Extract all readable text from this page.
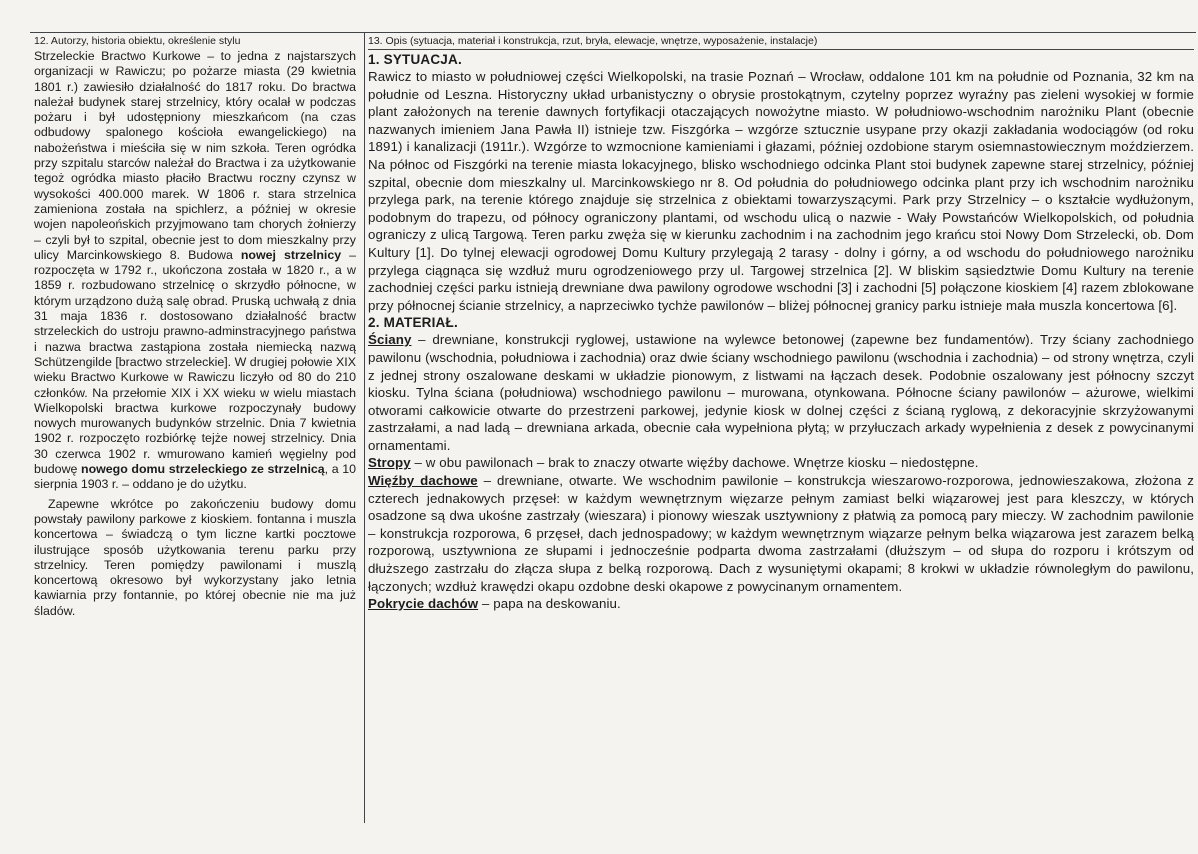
12. Autorzy, historia obiektu, określenie stylu

Strzeleckie Bractwo Kurkowe – to jedna z najstarszych organizacji w Rawiczu; po pożarze miasta (29 kwietnia 1801 r.) zawiesiło działalność do 1817 roku. Do bractwa należał budynek starej strzelnicy, który ocalał w podczas pożaru i był udostępniony mieszkańcom (na czas odbudowy spalonego kościoła ewangelickiego) na nabożeństwa i mieściła się w nim szkoła. Teren ogródka przy szpitalu starców należał do Bractwa i za użytkowanie tegoż ogródka miasto płaciło Bractwu roczny czynsz w wysokości 400.000 marek. W 1806 r. stara strzelnica zamieniona została na spichlerz, a później w okresie wojen napoleońskich przyjmowano tam chorych żołnierzy – czyli był to szpital, obecnie jest to dom mieszkalny przy ulicy Marcinkowskiego 8. Budowa nowej strzelnicy – rozpoczęta w 1792 r., ukończona została w 1820 r., a w 1859 r. rozbudowano strzelnicę o skrzydło północne, w którym urządzono dużą salę obrad. Pruską uchwałą z dnia 31 maja 1836 r. dostosowano działalność bractw strzeleckich do ustroju prawno-adminstracyjnego państwa i nazwa bractwa zastąpiona została niemiecką nazwą Schützengilde [bractwo strzeleckie]. W drugiej połowie XIX wieku Bractwo Kurkowe w Rawiczu liczyło od 80 do 210 członków. Na przełomie XIX i XX wieku w wielu miastach Wielkopolski bractwa kurkowe rozpoczynały budowy nowych murowanych budynków strzelnic. Dnia 7 kwietnia 1902 r. rozpoczęto rozbiórkę tejże nowej strzelnicy. Dnia 30 czerwca 1902 r. wmurowano kamień węgielny pod budowę nowego domu strzeleckiego ze strzelnicą, a 10 sierpnia 1903 r. – oddano je do użytku.

Zapewne wkrótce po zakończeniu budowy domu powstały pawilony parkowe z kioskiem. fontanna i muszla koncertowa – świadczą o tym liczne kartki pocztowe ilustrujące sposób użytkowania terenu parku przy strzelnicy. Teren pomiędzy pawilonami i muszlą koncertową okresowo był wykorzystany jako letnia kawiarnia przy fontannie, po której obecnie nie ma już śladów.

13. Opis (sytuacja, materiał i konstrukcja, rzut, bryła, elewacje, wnętrze, wyposażenie, instalacje)
1. SYTUACJA.

Rawicz to miasto w południowej części Wielkopolski, na trasie Poznań – Wrocław, oddalone 101 km na południe od Poznania, 32 km na południe od Leszna. Historyczny układ urbanistyczny o obrysie prostokątnym, czytelny poprzez wyraźny pas zieleni wysokiej w formie plant założonych na terenie dawnych fortyfikacji otaczających nowożytne miasto. W południowo-wschodnim narożniku Plant (obecnie nazwanych imieniem Jana Pawła II) istnieje tzw. Fiszgórka – wzgórze sztucznie usypane przy okazji zakładania wodociągów (od roku 1891) i kanalizacji (1911r.). Wzgórze to wzmocnione kamieniami i głazami, później ozdobione starym osiemnastowiecznym moździerzem. Na północ od Fiszgórki na terenie miasta lokacyjnego, blisko wschodniego odcinka Plant stoi budynek zapewne starej strzelnicy, później szpital, obecnie dom mieszkalny ul. Marcinkowskiego nr 8. Od południa do południowego odcinka plant przy ich wschodnim narożniku przylega park, na terenie którego znajduje się strzelnica z obiektami towarzyszącymi. Park przy Strzelnicy – o kształcie wydłużonym, podobnym do trapezu, od północy ograniczony plantami, od wschodu ulicą o nazwie - Wały Powstańców Wielkopolskich, od południa ograniczy z ulicą Targową. Teren parku zwęża się w kierunku zachodnim i na zachodnim jego krańcu stoi Nowy Dom Strzelecki, ob. Dom Kultury [1]. Do tylnej elewacji ogrodowej Domu Kultury przylegają 2 tarasy - dolny i górny, a od wschodu do południowego narożniku przylega ciągnąca się wzdłuż muru ogrodzeniowego przy ul. Targowej strzelnica [2]. W bliskim sąsiedztwie Domu Kultury na terenie zachodniej części parku istnieją drewniane dwa pawilony ogrodowe wschodni [3] i zachodni [5] połączone kioskiem [4] razem zblokowane przy północnej ścianie strzelnicy, a naprzeciwko tychże pawilonów – bliżej północnej granicy parku istnieje mała muszla koncertowa [6].

2. MATERIAŁ.

Ściany – drewniane, konstrukcji ryglowej, ustawione na wylewce betonowej (zapewne bez fundamentów). Trzy ściany zachodniego pawilonu (wschodnia, południowa i zachodnia) oraz dwie ściany wschodniego pawilonu (wschodnia i zachodnia) – od strony wnętrza, czyli z jednej strony oszalowane deskami w układzie pionowym, z listwami na łączach desek. Podobnie oszalowany jest północny szczyt kiosku. Tylna ściana (południowa) wschodniego pawilonu – murowana, otynkowana. Północne ściany pawilonów – ażurowe, wielkimi otworami całkowicie otwarte do przestrzeni parkowej, jedynie kiosk w dolnej części z ścianą ryglową, z dekoracyjnie skrzyżowanymi zastrzałami, a nad ladą – drewniana arkada, obecnie cała wypełniona płytą; w przyłuczach arkady wypełnienia z desek z powycinanymi ornamentami.

Stropy – w obu pawilonach – brak to znaczy otwarte więźby dachowe. Wnętrze kiosku – niedostępne.

Więźby dachowe – drewniane, otwarte. We wschodnim pawilonie – konstrukcja wieszarowo-rozporowa, jednowieszakowa, złożona z czterech jednakowych przęseł: w każdym wewnętrznym więzarze pełnym zamiast belki wiązarowej jest para kleszczy, w których osadzone są dwa ukośne zastrzały (wieszara) i pionowy wieszak usztywniony z płatwią za pomocą pary mieczy. W zachodnim pawilonie – konstrukcja rozporowa, 6 przęseł, dach jednospadowy; w każdym wewnętrznym wiązarze pełnym belka wiązarowa jest zarazem belką rozporową, usztywniona ze słupami i jednocześnie podparta dwoma zastrzałami (dłuższym – od słupa do rozporu i krótszym od dłuższego zastrzału do złącza słupa z belką rozporową. Dach z wysuniętymi okapami; 8 krokwi w układzie równoległym do pawilonu, łączonych; wzdłuż krawędzi okapu ozdobne deski okapowe z powycinanym ornamentem.

Pokrycie dachów – papa na deskowaniu.
